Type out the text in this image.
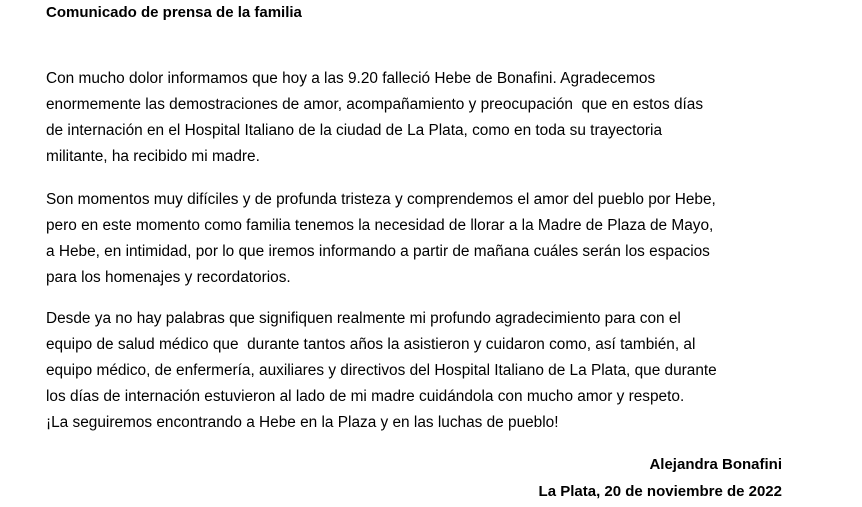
Comunicado de prensa de la familia
Con mucho dolor informamos que hoy a las 9.20 falleció Hebe de Bonafini. Agradecemos
enormemente las demostraciones de amor, acompañamiento y preocupación  que en estos días
de internación en el Hospital Italiano de la ciudad de La Plata, como en toda su trayectoria
militante, ha recibido mi madre.
Son momentos muy difíciles y de profunda tristeza y comprendemos el amor del pueblo por Hebe,
pero en este momento como familia tenemos la necesidad de llorar a la Madre de Plaza de Mayo,
a Hebe, en intimidad, por lo que iremos informando a partir de mañana cuáles serán los espacios
para los homenajes y recordatorios.
Desde ya no hay palabras que signifiquen realmente mi profundo agradecimiento para con el
equipo de salud médico que  durante tantos años la asistieron y cuidaron como, así también, al
equipo médico, de enfermería, auxiliares y directivos del Hospital Italiano de La Plata, que durante
los días de internación estuvieron al lado de mi madre cuidándola con mucho amor y respeto.
¡La seguiremos encontrando a Hebe en la Plaza y en las luchas de pueblo!
Alejandra Bonafini
La Plata, 20 de noviembre de 2022
